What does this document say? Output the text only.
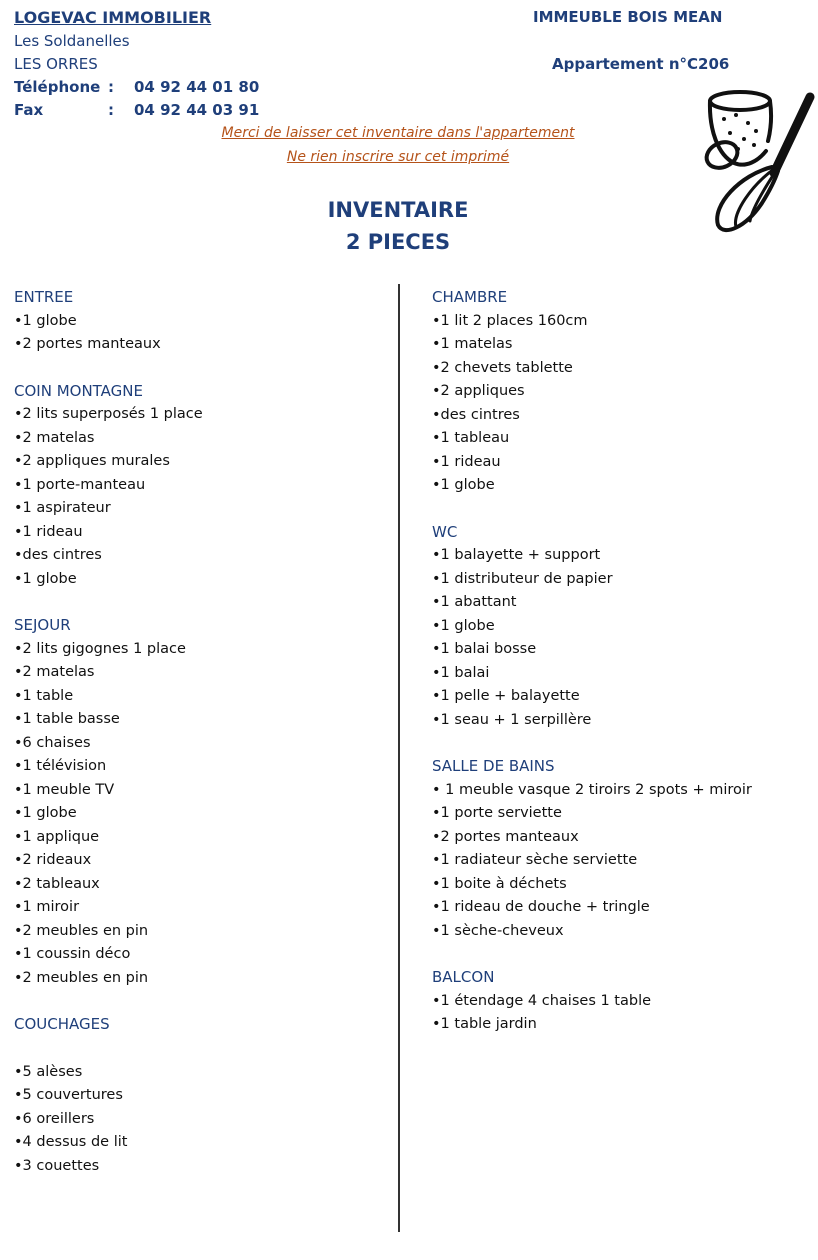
LOGEVAC IMMOBILIER
Les Soldanelles
LES ORRES
Téléphone : 04 92 44 01 80
Fax	: 04 92 44 03 91
IMMEUBLE BOIS MEAN
Appartement n°C206
Merci de laisser cet inventaire dans l'appartement
Ne rien inscrire sur cet imprimé
INVENTAIRE
2 PIECES
ENTREE
•1 globe
•2 portes manteaux
COIN MONTAGNE
•2 lits superposés 1 place
•2 matelas
•2 appliques murales
•1 porte-manteau
•1 aspirateur
•1 rideau
•des cintres
•1 globe
SEJOUR
•2 lits gigognes 1 place
•2 matelas
•1 table
•1 table basse
•6 chaises
•1 télévision
•1 meuble TV
•1 globe
•1 applique
•2 rideaux
•2 tableaux
•1 miroir
•2 meubles en pin
•1 coussin déco
•2 meubles en pin
COUCHAGES
•5 alèses
•5 couvertures
•6 oreillers
•4 dessus de lit
•3 couettes
CHAMBRE
•1 lit 2 places 160cm
•1 matelas
•2 chevets tablette
•2 appliques
•des cintres
•1 tableau
•1 rideau
•1 globe
WC
•1 balayette + support
•1 distributeur de papier
•1 abattant
•1 globe
•1 balai bosse
•1 balai
•1 pelle + balayette
•1 seau + 1 serpillère
SALLE DE BAINS
• 1 meuble vasque 2 tiroirs 2 spots + miroir
•1 porte serviette
•2 portes manteaux
•1 radiateur sèche serviette
•1 boite à déchets
•1 rideau de douche + tringle
•1 sèche-cheveux
BALCON
•1 étendage 4 chaises 1 table
•1 table jardin
